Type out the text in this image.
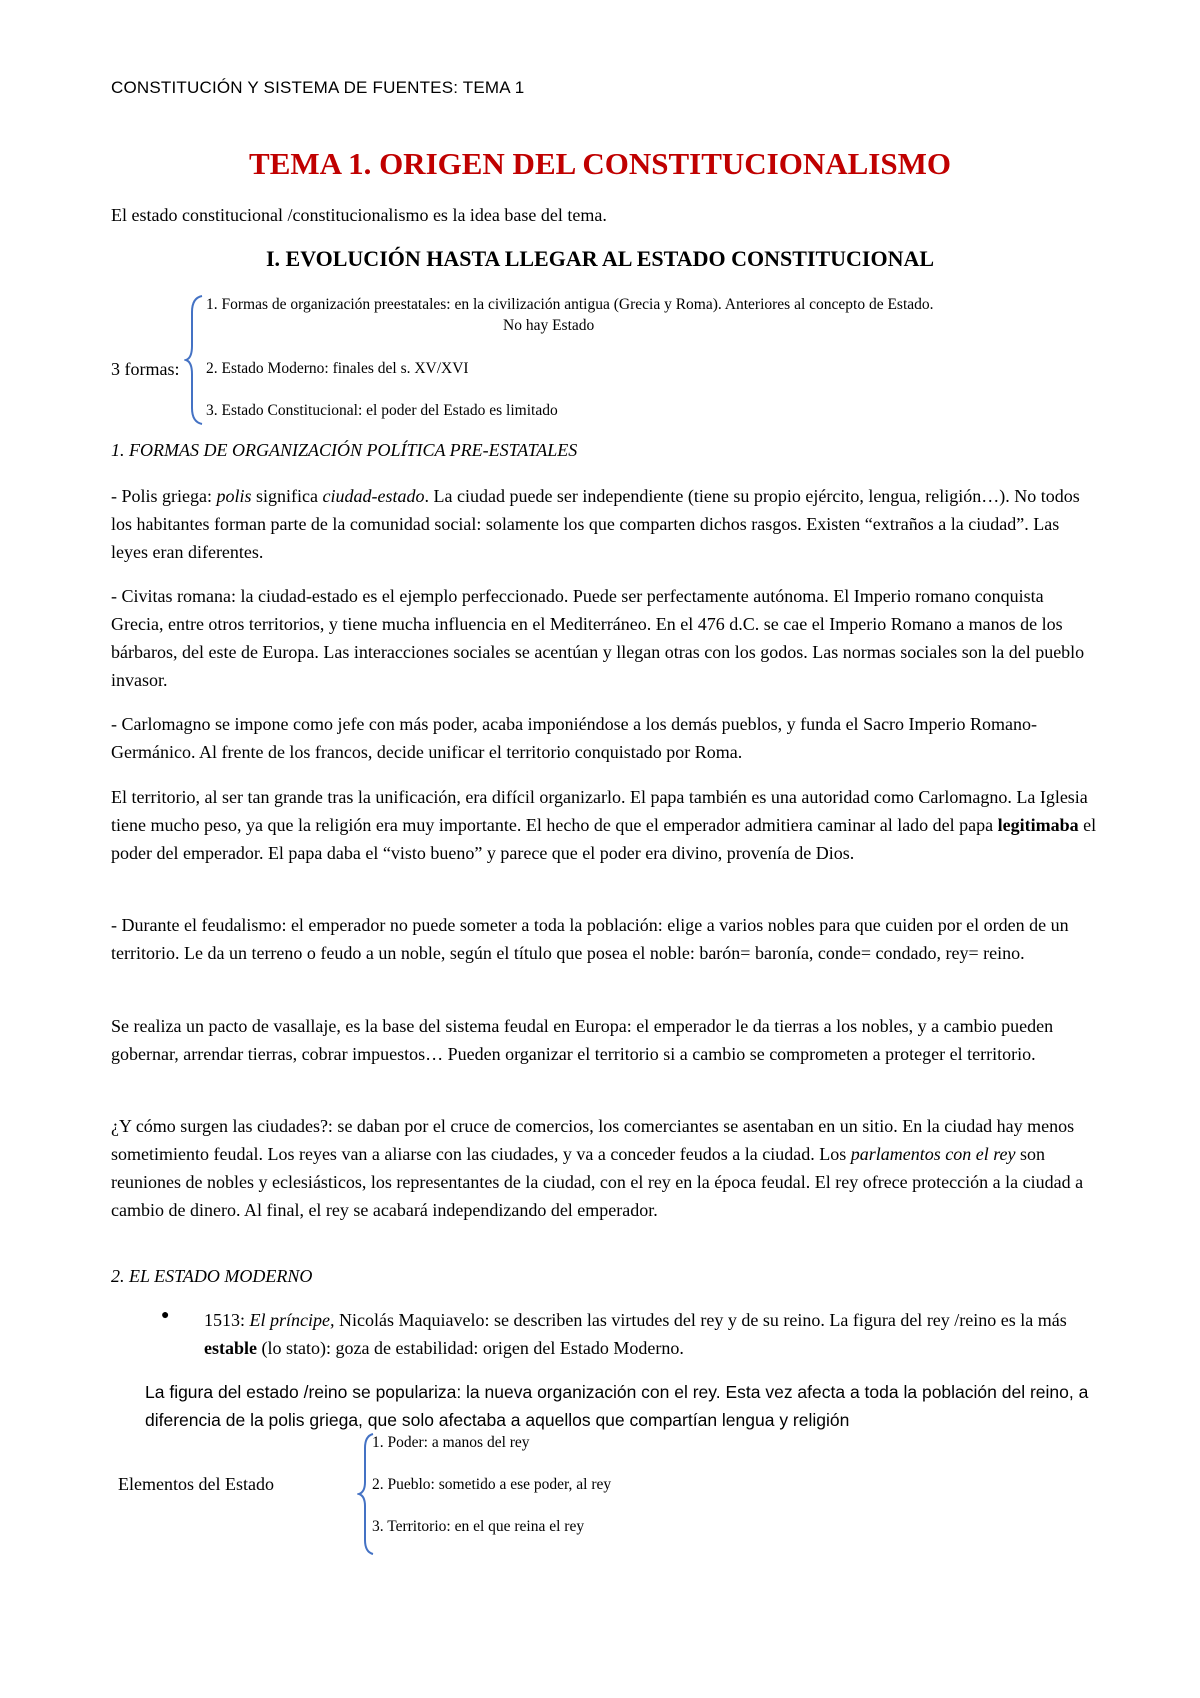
CONSTITUCIÓN Y SISTEMA DE FUENTES: TEMA 1

TEMA 1. ORIGEN DEL CONSTITUCIONALISMO

El estado constitucional /constitucionalismo es la idea base del tema.

I. EVOLUCIÓN HASTA LLEGAR AL ESTADO CONSTITUCIONAL

3 formas:

1. Formas de organización preestatales: en la civilización antigua (Grecia y Roma). Anteriores al concepto de Estado.

No hay Estado

2. Estado Moderno: finales del s. XV/XVI

3. Estado Constitucional: el poder del Estado es limitado

1. FORMAS DE ORGANIZACIÓN POLÍTICA PRE-ESTATALES

- Polis griega: polis significa ciudad-estado. La ciudad puede ser independiente (tiene su propio ejército, lengua, religión…). No todos los habitantes forman parte de la comunidad social: solamente los que comparten dichos rasgos. Existen “extraños a la ciudad”. Las leyes eran diferentes.

- Civitas romana: la ciudad-estado es el ejemplo perfeccionado. Puede ser perfectamente autónoma. El Imperio romano conquista Grecia, entre otros territorios, y tiene mucha influencia en el Mediterráneo. En el 476 d.C. se cae el Imperio Romano a manos de los bárbaros, del este de Europa. Las interacciones sociales se acentúan y llegan otras con los godos. Las normas sociales son la del pueblo invasor.

- Carlomagno se impone como jefe con más poder, acaba imponiéndose a los demás pueblos, y funda el Sacro Imperio Romano-Germánico. Al frente de los francos, decide unificar el territorio conquistado por Roma.

El territorio, al ser tan grande tras la unificación, era difícil organizarlo. El papa también es una autoridad como Carlomagno. La Iglesia tiene mucho peso, ya que la religión era muy importante. El hecho de que el emperador admitiera caminar al lado del papa legitimaba el poder del emperador. El papa daba el “visto bueno” y parece que el poder era divino, provenía de Dios.

- Durante el feudalismo: el emperador no puede someter a toda la población: elige a varios nobles para que cuiden por el orden de un territorio. Le da un terreno o feudo a un noble, según el título que posea el noble: barón= baronía, conde= condado, rey= reino.

Se realiza un pacto de vasallaje, es la base del sistema feudal en Europa: el emperador le da tierras a los nobles, y a cambio pueden gobernar, arrendar tierras, cobrar impuestos… Pueden organizar el territorio si a cambio se comprometen a proteger el territorio.

¿Y cómo surgen las ciudades?: se daban por el cruce de comercios, los comerciantes se asentaban en un sitio. En la ciudad hay menos sometimiento feudal. Los reyes van a aliarse con las ciudades, y va a conceder feudos a la ciudad. Los parlamentos con el rey son reuniones de nobles y eclesiásticos, los representantes de la ciudad, con el rey en la época feudal. El rey ofrece protección a la ciudad a cambio de dinero. Al final, el rey se acabará independizando del emperador.

2. EL ESTADO MODERNO

● 1513: El príncipe, Nicolás Maquiavelo: se describen las virtudes del rey y de su reino. La figura del rey /reino es la más estable (lo stato): goza de estabilidad: origen del Estado Moderno.

La figura del estado /reino se populariza: la nueva organización con el rey. Esta vez afecta a toda la población del reino, a diferencia de la polis griega, que solo afectaba a aquellos que compartían lengua y religión

Elementos del Estado

1. Poder: a manos del rey

2. Pueblo: sometido a ese poder, al rey

3. Territorio: en el que reina el rey
